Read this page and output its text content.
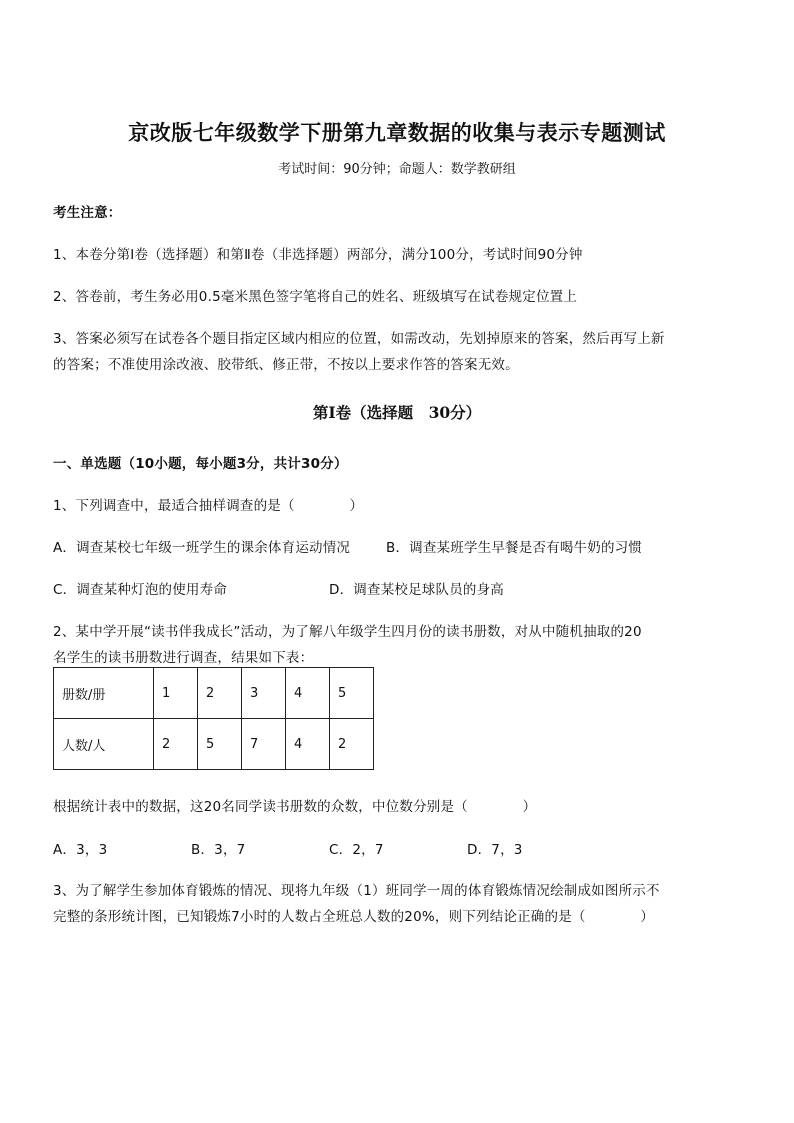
京改版七年级数学下册第九章数据的收集与表示专题测试
考试时间：90分钟；命题人：数学教研组
考生注意：
1、本卷分第Ⅰ卷（选择题）和第Ⅱ卷（非选择题）两部分，满分100分，考试时间90分钟
2、答卷前，考生务必用0.5毫米黑色签字笔将自己的姓名、班级填写在试卷规定位置上
3、答案必须写在试卷各个题目指定区域内相应的位置，如需改动，先划掉原来的答案，然后再写上新
的答案；不准使用涂改液、胶带纸、修正带，不按以上要求作答的答案无效。
第I卷（选择题　30分）
一、单选题（10小题，每小题3分，共计30分）
1、下列调查中，最适合抽样调查的是（　　　　）
A．调查某校七年级一班学生的课余体育运动情况	B．调查某班学生早餐是否有喝牛奶的习惯
C．调查某种灯泡的使用寿命	D．调查某校足球队员的身高
2、某中学开展“读书伴我成长”活动，为了解八年级学生四月份的读书册数，对从中随机抽取的20
名学生的读书册数进行调查，结果如下表：
册数/册	1	2	3	4	5
人数/人	2	5	7	4	2
根据统计表中的数据，这20名同学读书册数的众数，中位数分别是（　　　　）
A．3，3	B．3，7	C．2，7	D．7，3
3、为了解学生参加体育锻炼的情况、现将九年级（1）班同学一周的体育锻炼情况绘制成如图所示不
完整的条形统计图，已知锻炼7小时的人数占全班总人数的20%，则下列结论正确的是（　　　　）
